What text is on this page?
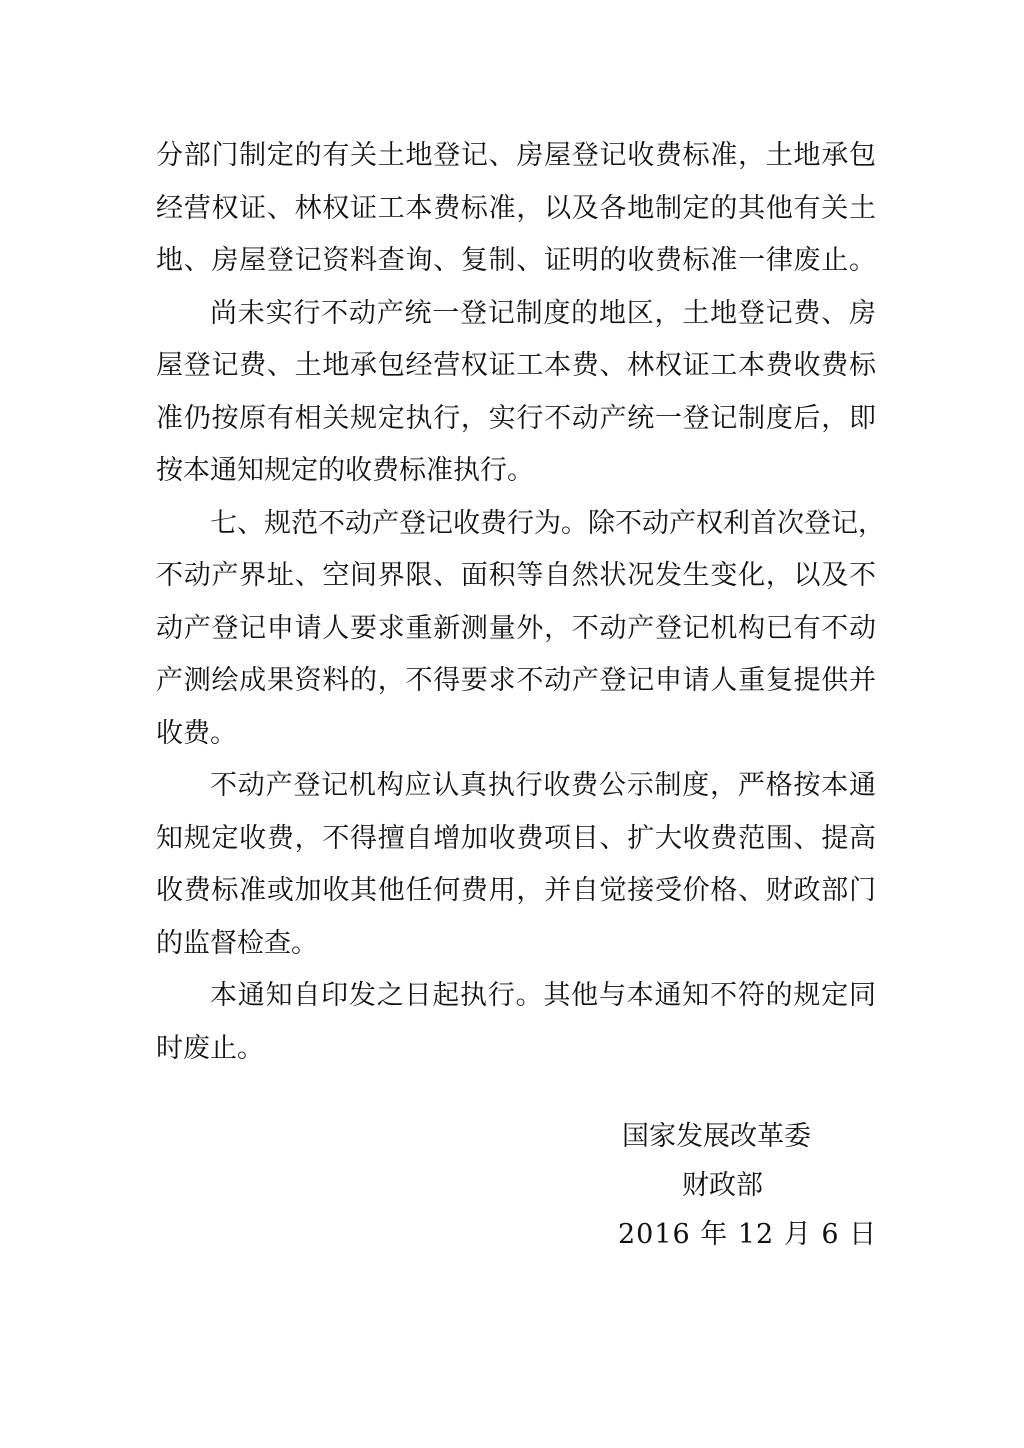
分部门制定的有关土地登记、房屋登记收费标准，土地承包
经营权证、林权证工本费标准，以及各地制定的其他有关土
地、房屋登记资料查询、复制、证明的收费标准一律废止。
尚未实行不动产统一登记制度的地区，土地登记费、房
屋登记费、土地承包经营权证工本费、林权证工本费收费标
准仍按原有相关规定执行，实行不动产统一登记制度后，即
按本通知规定的收费标准执行。
七、规范不动产登记收费行为。除不动产权利首次登记，
不动产界址、空间界限、面积等自然状况发生变化，以及不
动产登记申请人要求重新测量外，不动产登记机构已有不动
产测绘成果资料的，不得要求不动产登记申请人重复提供并
收费。
不动产登记机构应认真执行收费公示制度，严格按本通
知规定收费，不得擅自增加收费项目、扩大收费范围、提高
收费标准或加收其他任何费用，并自觉接受价格、财政部门
的监督检查。
本通知自印发之日起执行。其他与本通知不符的规定同
时废止。
国家发展改革委
财政部
2016 年 12 月 6 日
